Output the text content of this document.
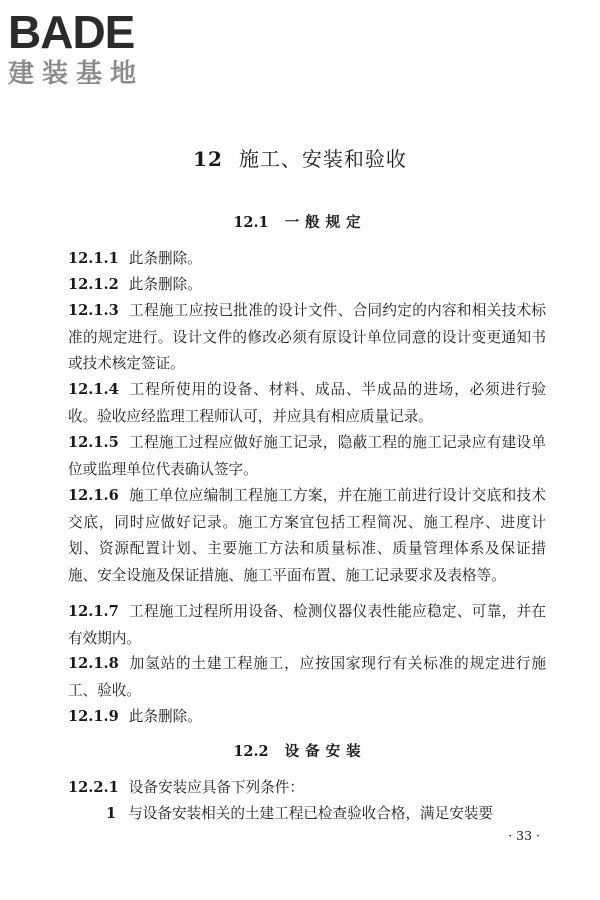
BADE
建装基地
12 施工、安装和验收
12.1 一般规定
12.1.1 此条删除。
12.1.2 此条删除。
12.1.3 工程施工应按已批准的设计文件、合同约定的内容和相关技术标准的规定进行。设计文件的修改必须有原设计单位同意的设计变更通知书或技术核定签证。
12.1.4 工程所使用的设备、材料、成品、半成品的进场，必须进行验收。验收应经监理工程师认可，并应具有相应质量记录。
12.1.5 工程施工过程应做好施工记录，隐蔽工程的施工记录应有建设单位或监理单位代表确认签字。
12.1.6 施工单位应编制工程施工方案，并在施工前进行设计交底和技术交底，同时应做好记录。施工方案宜包括工程简况、施工程序、进度计划、资源配置计划、主要施工方法和质量标准、质量管理体系及保证措施、安全设施及保证措施、施工平面布置、施工记录要求及表格等。
12.1.7 工程施工过程所用设备、检测仪器仪表性能应稳定、可靠，并在有效期内。
12.1.8 加氢站的土建工程施工，应按国家现行有关标准的规定进行施工、验收。
12.1.9 此条删除。
12.2 设备安装
12.2.1 设备安装应具备下列条件：
1 与设备安装相关的土建工程已检查验收合格，满足安装要
· 33 ·
